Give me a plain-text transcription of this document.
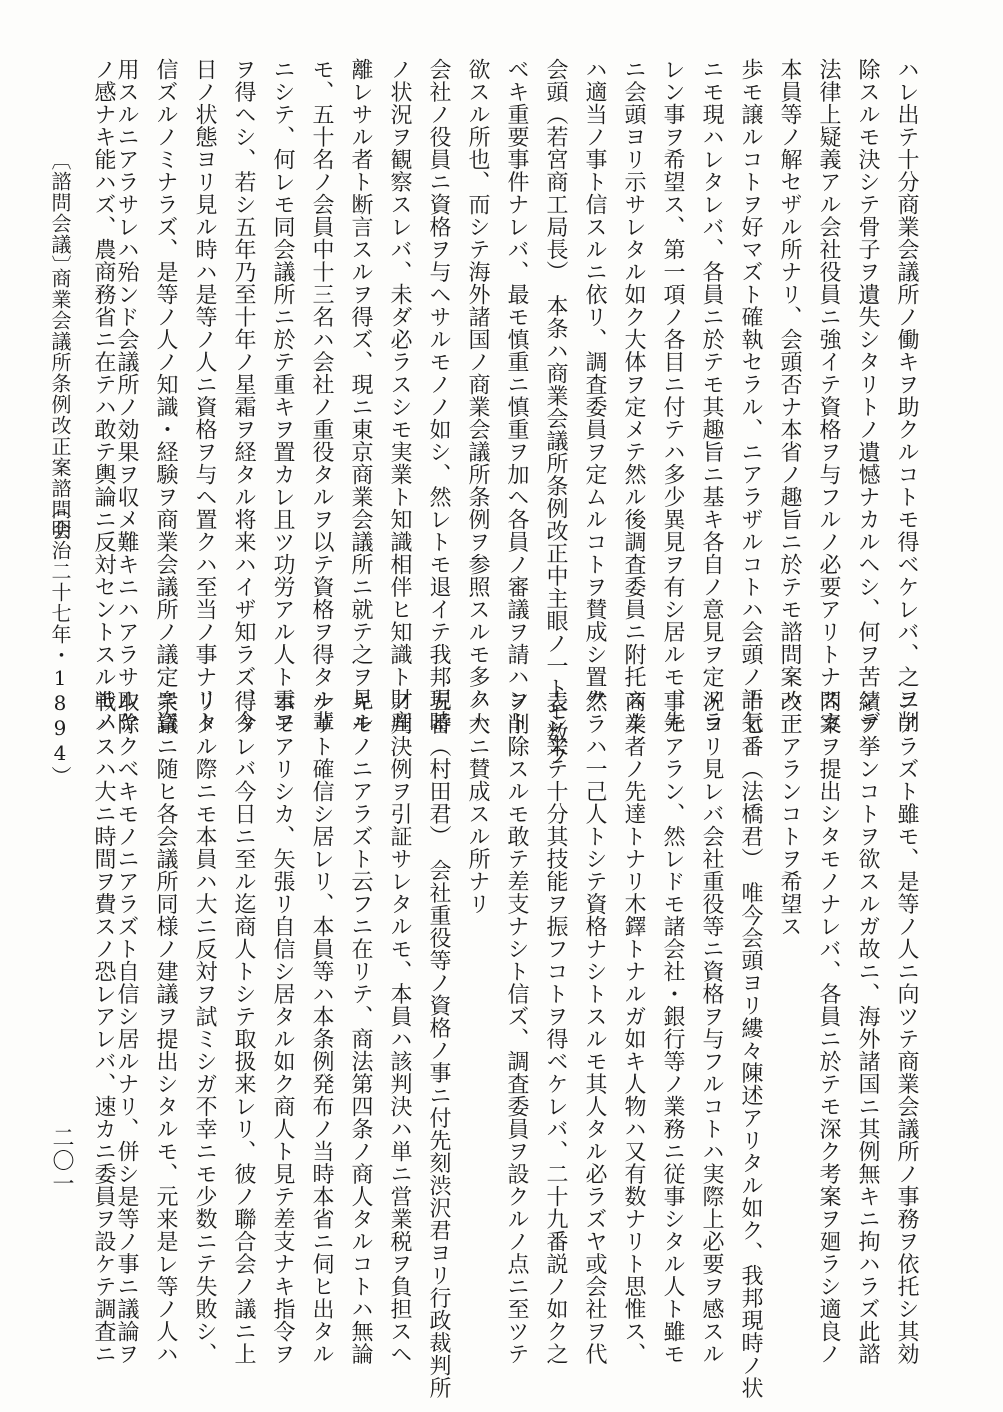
ハレ出テ十分商業会議所ノ働キヲ助クルコトモ得ベケレバ、之ヲ削
除スルモ決シテ骨子ヲ遺失シタリトノ遺憾ナカルヘシ、何ヲ苦ンデ
法律上疑義アル会社役員ニ強イテ資格ヲ与フルノ必要アリトナスカ
本員等ノ解セザル所ナリ、会頭否ナ本省ノ趣旨ニ於テモ諮問案ハ一
歩モ譲ルコトヲ好マズト確執セラル、ニアラザルコトハ会頭ノ語気
ニモ現ハレタレバ、各員ニ於テモ其趣旨ニ基キ各自ノ意見ヲ定メラ
レン事ヲ希望ス、第一項ノ各目ニ付テハ多少異見ヲ有シ居ルモ、先
ニ会頭ヨリ示サレタル如ク大体ヲ定メテ然ル後調査委員ニ附托スル
ハ適当ノ事ト信スルニ依リ、調査委員ヲ定ムルコトヲ賛成シ置ク
会頭（若宮商工局長）　本条ハ商業会議所条例改正中主眼ノ一トモ数フ
ベキ重要事件ナレバ、最モ慎重ニ慎重ヲ加ヘ各員ノ審議ヲ請ハント
欲スル所也、而シテ海外諸国ノ商業会議所条例ヲ参照スルモ多クハ
会社ノ役員ニ資格ヲ与ヘサルモノノ如シ、然レトモ退イテ我邦現時
ノ状況ヲ観察スレバ、未ダ必ラスシモ実業ト知識相伴ヒ知識ト財産
離レサル者ト断言スルヲ得ズ、現ニ東京商業会議所ニ就テ之ヲ見ル
モ、五十名ノ会員中十三名ハ会社ノ重役タルヲ以テ資格ヲ得タル輩
ニシテ、何レモ同会議所ニ於テ重キヲ置カレ且ツ功労アル人ト云フ
ヲ得ヘシ、若シ五年乃至十年ノ星霜ヲ経タル将来ハイザ知ラズ、今
日ノ状態ヨリ見ル時ハ是等ノ人ニ資格ヲ与ヘ置クハ至当ノ事ナリト
信ズルノミナラズ、是等ノ人ノ知識・経験ヲ商業会議所ノ議定ニ資
用スルニアラサレハ殆ンド会議所ノ効果ヲ収メ難キニハアラサルヤ
ノ感ナキ能ハズ、農商務省ニ在テハ敢テ輿論ニ反対セントスルモノ
〔諮問会議〕
商業会議所条例改正案諮問会
（明治二十七年・1894）
ニアラズト雖モ、是等ノ人ニ向ツテ商業会議所ノ事務ヲ依托シ其効
績ヲ挙ンコトヲ欲スルガ故ニ、海外諸国ニ其例無キニ拘ハラズ此諮
問案ヲ提出シタモノナレバ、各員ニ於テモ深ク考案ヲ廻ラシ適良ノ
改正アランコトヲ希望ス
十七番（法橋君）　唯今会頭ヨリ縷々陳述アリタル如ク、我邦現時ノ状
況ヨリ見レバ会社重役等ニ資格ヲ与フルコトハ実際上必要ヲ感スル
事モアラン、然レドモ諸会社・銀行等ノ業務ニ従事シタル人ト雖モ
商業者ノ先達トナリ木鐸トナルガ如キ人物ハ又有数ナリト思惟ス、
然ラハ一己人トシテ資格ナシトスルモ其人タル必ラズヤ或会社ヲ代
表シ来テ十分其技能ヲ振フコトヲ得ベケレバ、二十九番説ノ如ク之
ヲ削除スルモ敢テ差支ナシト信ズ、調査委員ヲ設クルノ点ニ至ツテ
ハ大ニ賛成スル所ナリ
五番（村田君）　会社重役等ノ資格ノ事ニ付先刻渋沢君ヨリ行政裁判所
ノ判決例ヲ引証サレタルモ、本員ハ該判決ハ単ニ営業税ヲ負担スヘ
キモノニアラズト云フニ在リテ、商法第四条ノ商人タルコトハ無論
ナリト確信シ居レリ、本員等ハ本条例発布ノ当時本省ニ伺ヒ出タル
事モアリシカ、矢張リ自信シ居タル如ク商人ト見テ差支ナキ指令ヲ
得タレバ今日ニ至ル迄商人トシテ取扱来レリ、彼ノ聯合会ノ議ニ上
リタル際ニモ本員ハ大ニ反対ヲ試ミシガ不幸ニモ少数ニテ失敗シ、
衆議ニ随ヒ各会議所同様ノ建議ヲ提出シタルモ、元来是レ等ノ人ハ
取除クベキモノニアラズト自信シ居ルナリ、併シ是等ノ事ニ議論ヲ
戦ハスハ大ニ時間ヲ費スノ恐レアレバ、速カニ委員ヲ設ケテ調査ニ
二〇一
